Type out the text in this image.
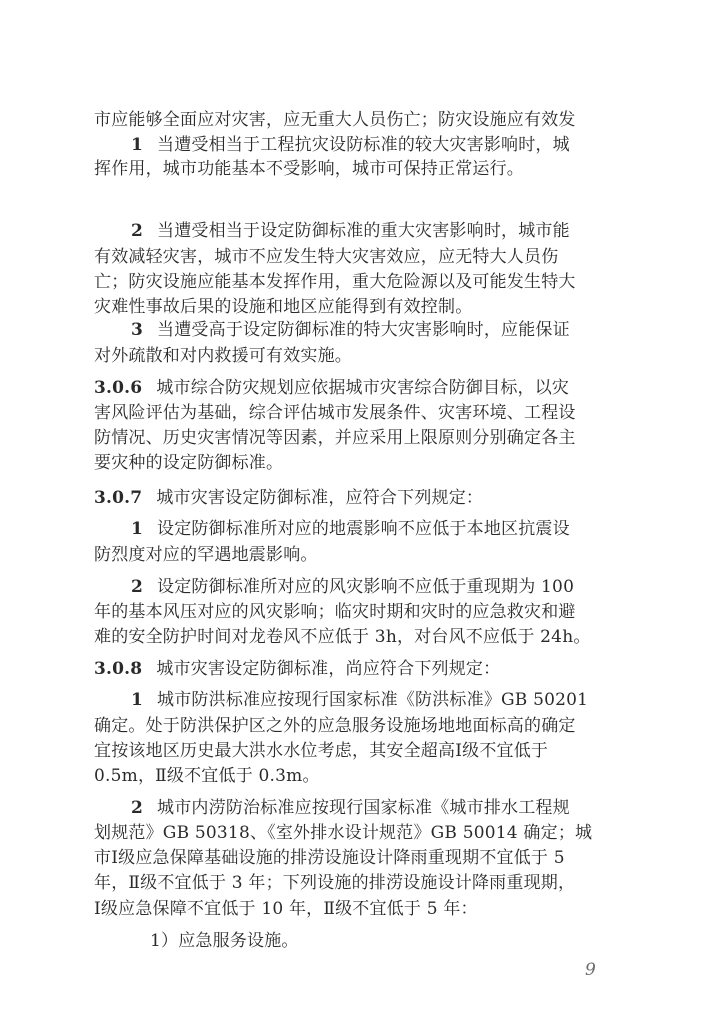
1 当遭受相当于工程抗灾设防标准的较大灾害影响时，城
市应能够全面应对灾害，应无重大人员伤亡；防灾设施应有效发
挥作用，城市功能基本不受影响，城市可保持正常运行。
2 当遭受相当于设定防御标准的重大灾害影响时，城市能
有效减轻灾害，城市不应发生特大灾害效应，应无特大人员伤
亡；防灾设施应能基本发挥作用，重大危险源以及可能发生特大
灾难性事故后果的设施和地区应能得到有效控制。
3 当遭受高于设定防御标准的特大灾害影响时，应能保证
对外疏散和对内救援可有效实施。
3.0.6 城市综合防灾规划应依据城市灾害综合防御目标，以灾
害风险评估为基础，综合评估城市发展条件、灾害环境、工程设
防情况、历史灾害情况等因素，并应采用上限原则分别确定各主
要灾种的设定防御标准。
3.0.7 城市灾害设定防御标准，应符合下列规定：
1 设定防御标准所对应的地震影响不应低于本地区抗震设
防烈度对应的罕遇地震影响。
2 设定防御标准所对应的风灾影响不应低于重现期为 100
年的基本风压对应的风灾影响；临灾时期和灾时的应急救灾和避
难的安全防护时间对龙卷风不应低于 3h，对台风不应低于 24h。
3.0.8 城市灾害设定防御标准，尚应符合下列规定：
1 城市防洪标准应按现行国家标准《防洪标准》GB 50201
确定。处于防洪保护区之外的应急服务设施场地地面标高的确定
宜按该地区历史最大洪水水位考虑，其安全超高Ⅰ级不宜低于
0.5m，Ⅱ级不宜低于 0.3m。
2 城市内涝防治标准应按现行国家标准《城市排水工程规
划规范》GB 50318、《室外排水设计规范》GB 50014 确定；城
市Ⅰ级应急保障基础设施的排涝设施设计降雨重现期不宜低于 5
年，Ⅱ级不宜低于 3 年；下列设施的排涝设施设计降雨重现期，
Ⅰ级应急保障不宜低于 10 年，Ⅱ级不宜低于 5 年：
1）应急服务设施。
9
